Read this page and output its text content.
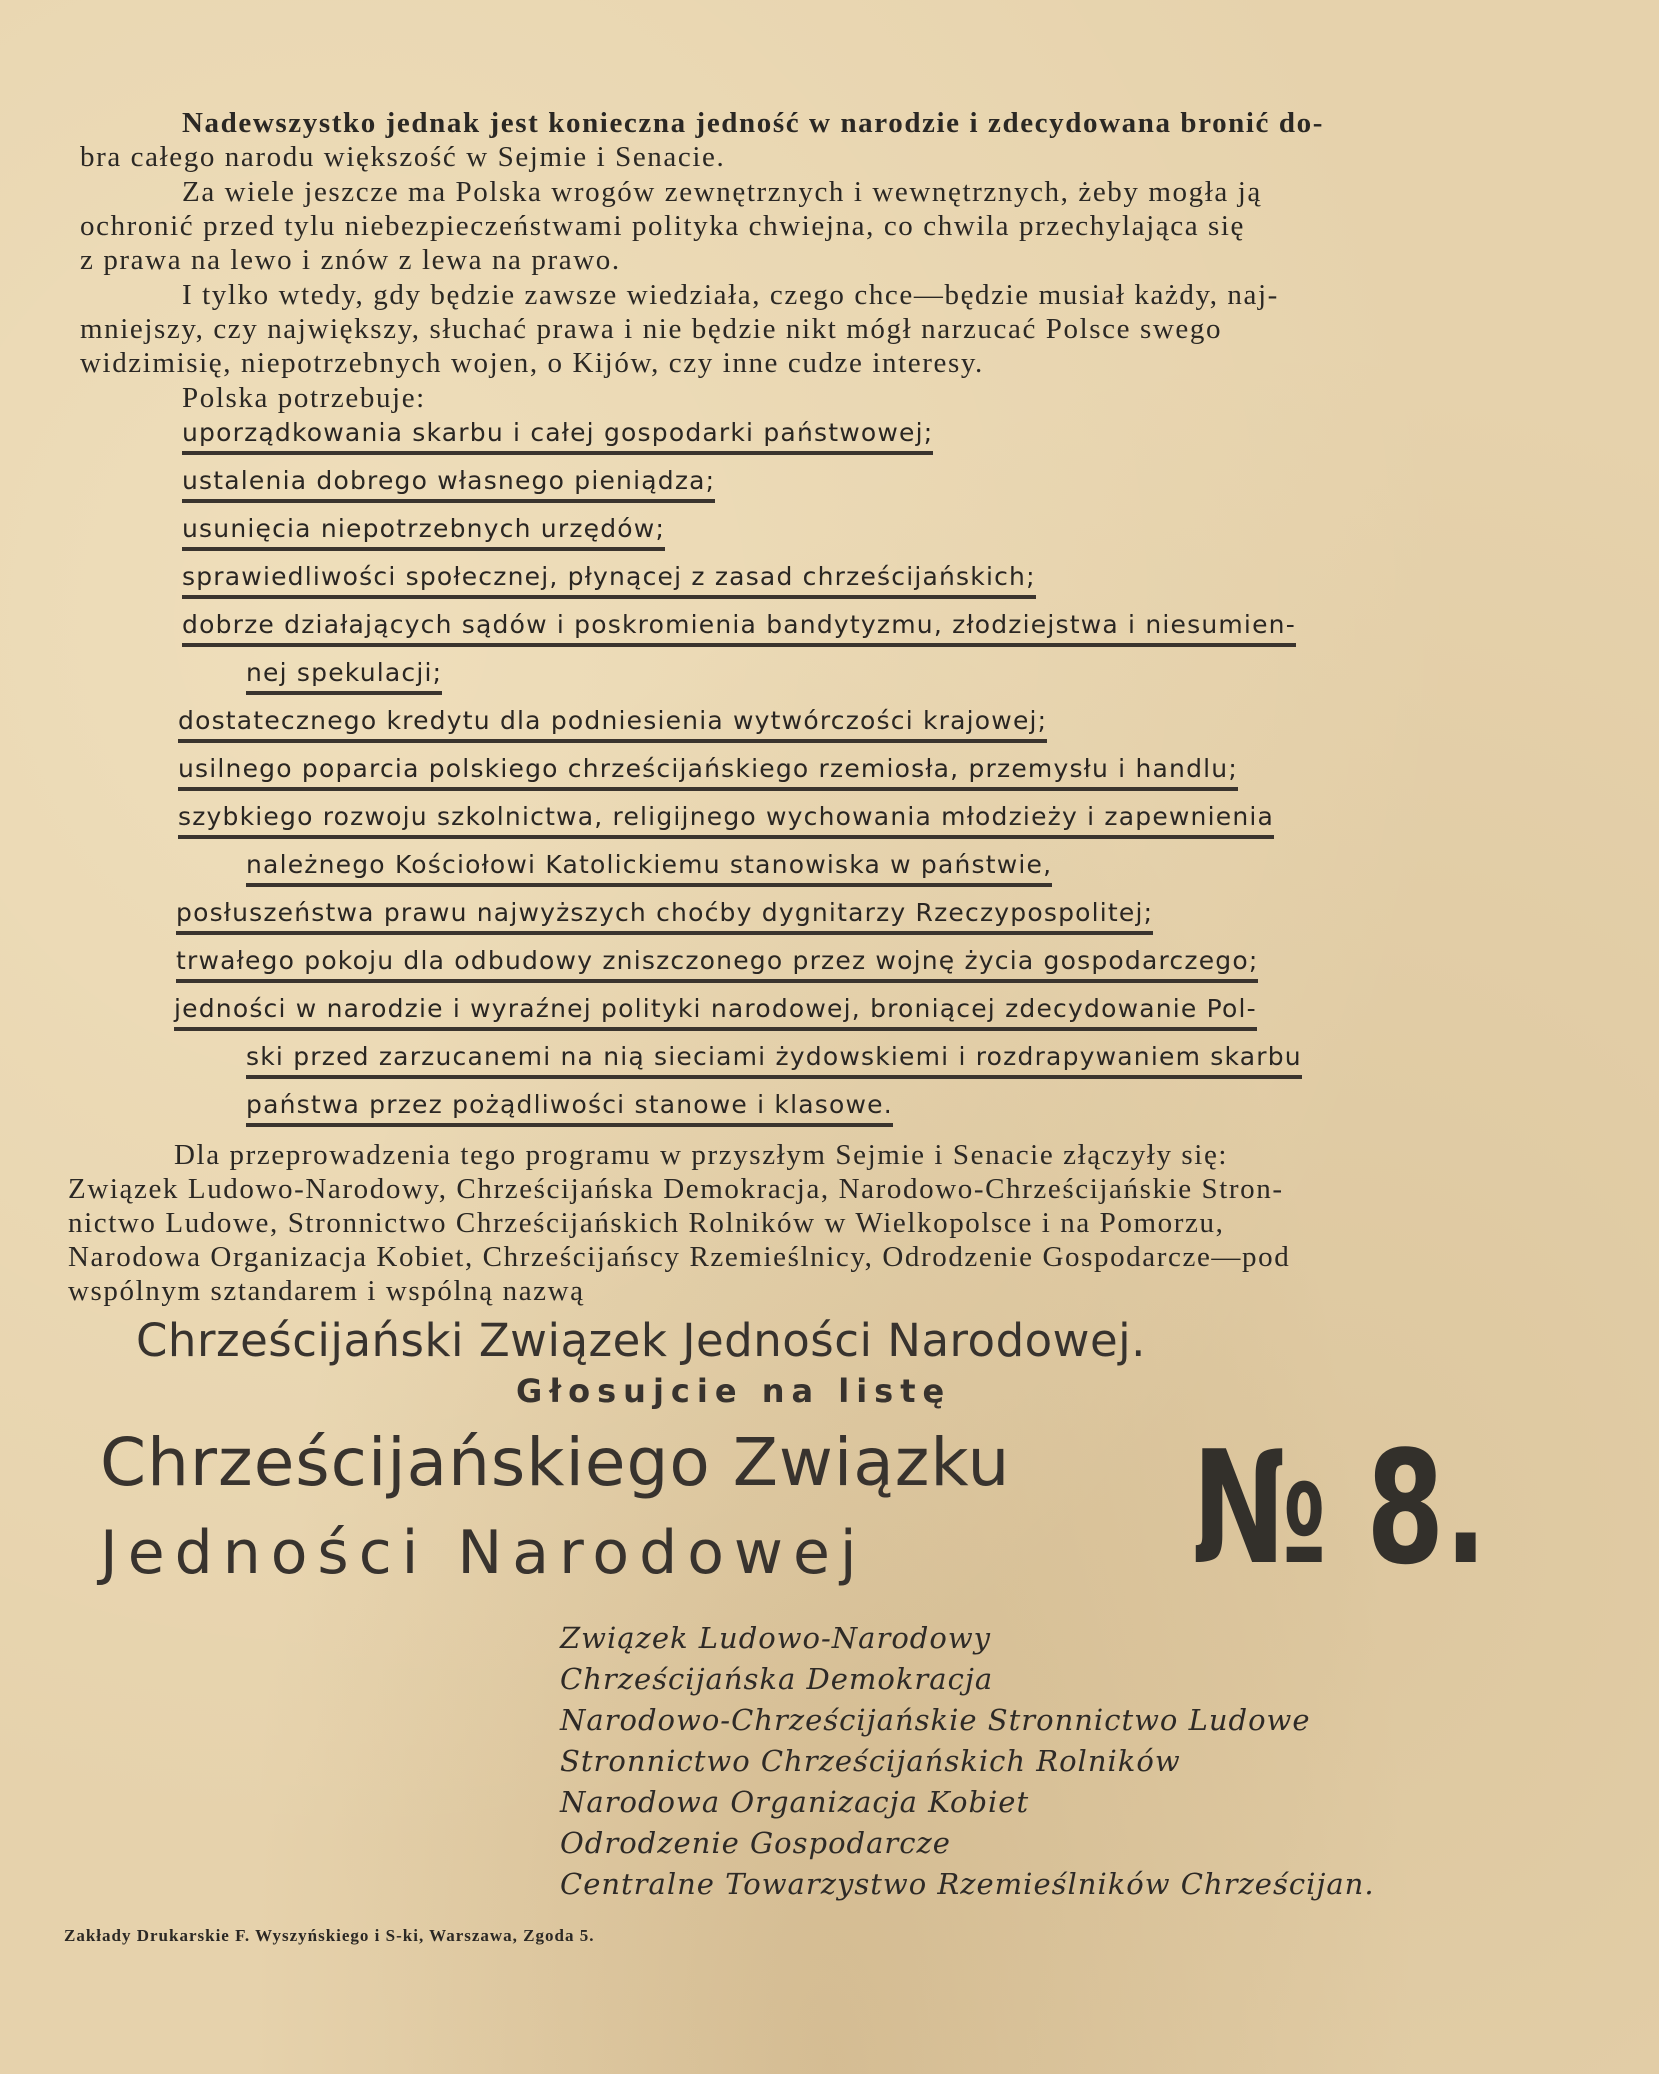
Nadewszystko jednak jest konieczna jedność w narodzie i zdecydowana bronić do-

bra całego narodu większość w Sejmie i Senacie.

Za wiele jeszcze ma Polska wrogów zewnętrznych i wewnętrznych, żeby mogła ją

ochronić przed tylu niebezpieczeństwami polityka chwiejna, co chwila przechylająca się

z prawa na lewo i znów z lewa na prawo.

I tylko wtedy, gdy będzie zawsze wiedziała, czego chce—będzie musiał każdy, naj-

mniejszy, czy największy, słuchać prawa i nie będzie nikt mógł narzucać Polsce swego

widzimisię, niepotrzebnych wojen, o Kijów, czy inne cudze interesy.

Polska potrzebuje:

uporządkowania skarbu i całej gospodarki państwowej;

ustalenia dobrego własnego pieniądza;

usunięcia niepotrzebnych urzędów;

sprawiedliwości społecznej, płynącej z zasad chrześcijańskich;

dobrze działających sądów i poskromienia bandytyzmu, złodziejstwa i niesumien-

nej spekulacji;

dostatecznego kredytu dla podniesienia wytwórczości krajowej;

usilnego poparcia polskiego chrześcijańskiego rzemiosła, przemysłu i handlu;

szybkiego rozwoju szkolnictwa, religijnego wychowania młodzieży i zapewnienia

należnego Kościołowi Katolickiemu stanowiska w państwie,

posłuszeństwa prawu najwyższych choćby dygnitarzy Rzeczypospolitej;

trwałego pokoju dla odbudowy zniszczonego przez wojnę życia gospodarczego;

jedności w narodzie i wyraźnej polityki narodowej, broniącej zdecydowanie Pol-

ski przed zarzucanemi na nią sieciami żydowskiemi i rozdrapywaniem skarbu

państwa przez pożądliwości stanowe i klasowe.

Dla przeprowadzenia tego programu w przyszłym Sejmie i Senacie złączyły się:

Związek Ludowo-Narodowy, Chrześcijańska Demokracja, Narodowo-Chrześcijańskie Stron-

nictwo Ludowe, Stronnictwo Chrześcijańskich Rolników w Wielkopolsce i na Pomorzu,

Narodowa Organizacja Kobiet, Chrześcijańscy Rzemieślnicy, Odrodzenie Gospodarcze—pod

wspólnym sztandarem i wspólną nazwą

Chrześcijański Związek Jedności Narodowej.

Głosujcie na listę

Chrześcijańskiego Związku

Jedności Narodowej № 8.

Związek Ludowo-Narodowy

Chrześcijańska Demokracja

Narodowo-Chrześcijańskie Stronnictwo Ludowe

Stronnictwo Chrześcijańskich Rolników

Narodowa Organizacja Kobiet

Odrodzenie Gospodarcze

Centralne Towarzystwo Rzemieślników Chrześcijan.

Zakłady Drukarskie F. Wyszyńskiego i S-ki, Warszawa, Zgoda 5.
